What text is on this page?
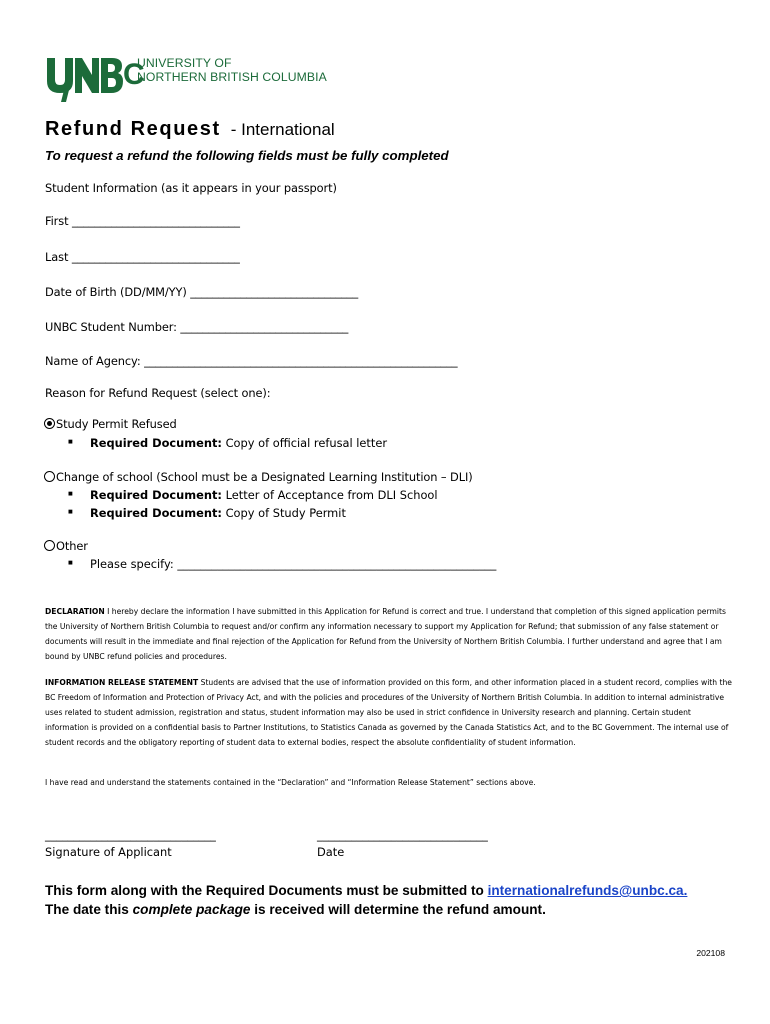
C
UNIVERSITY OF
NORTHERN BRITISH COLUMBIA
Refund Request - International
To request a refund the following fields must be fully completed
Student Information (as it appears in your passport)
First ______________________________
Last ______________________________
Date of Birth (DD/MM/YY) ______________________________
UNBC Student Number: ______________________________
Name of Agency: ________________________________________________________
Reason for Refund Request (select one):
Study Permit Refused
■ Required Document: Copy of official refusal letter
Change of school (School must be a Designated Learning Institution – DLI)
■ Required Document: Letter of Acceptance from DLI School
■ Required Document: Copy of Study Permit
Other
■ Please specify: ________________________________________________________
DECLARATION I hereby declare the information I have submitted in this Application for Refund is correct and true. I understand that completion of this signed application permits the University of Northern British Columbia to request and/or confirm any information necessary to support my Application for Refund; that submission of any false statement or documents will result in the immediate and final rejection of the Application for Refund from the University of Northern British Columbia. I further understand and agree that I am bound by UNBC refund policies and procedures.
INFORMATION RELEASE STATEMENT Students are advised that the use of information provided on this form, and other information placed in a student record, complies with the BC Freedom of Information and Protection of Privacy Act, and with the policies and procedures of the University of Northern British Columbia. In addition to internal administrative uses related to student admission, registration and status, student information may also be used in strict confidence in University research and planning. Certain student information is provided on a confidential basis to Partner Institutions, to Statistics Canada as governed by the Canada Statistics Act, and to the BC Government. The internal use of student records and the obligatory reporting of student data to external bodies, respect the absolute confidentiality of student information.
I have read and understand the statements contained in the “Declaration” and “Information Release Statement” sections above.
______________________________
Signature of Applicant
______________________________
Date
This form along with the Required Documents must be submitted to internationalrefunds@unbc.ca.
The date this complete package is received will determine the refund amount.
202108
